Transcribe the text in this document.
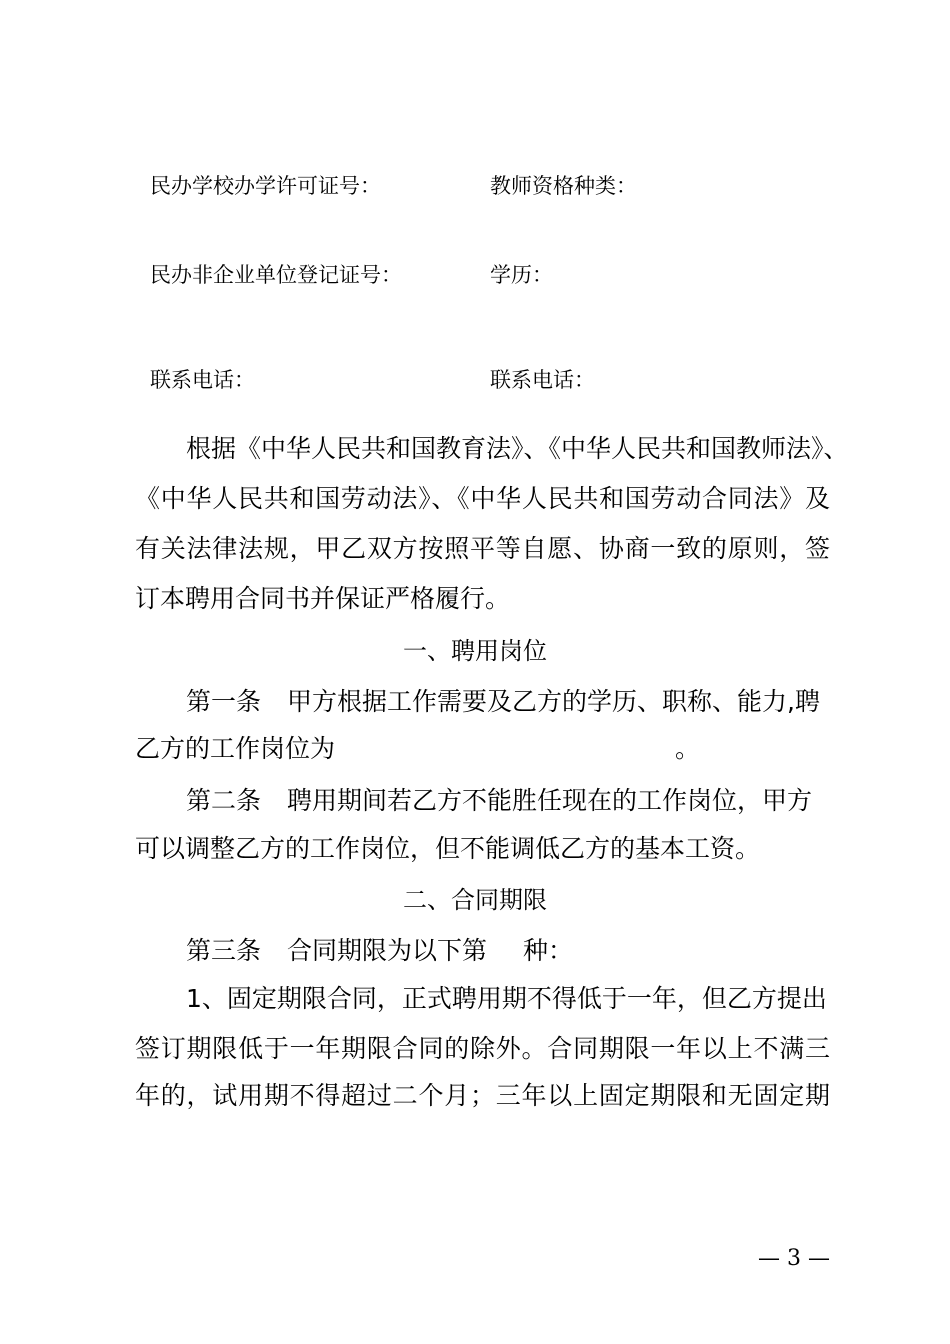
民办学校办学许可证号：	教师资格种类：
民办非企业单位登记证号：	学历：
联系电话：	联系电话：
根据《中华人民共和国教育法》、《中华人民共和国教师法》、
《中华人民共和国劳动法》、《中华人民共和国劳动合同法》及
有关法律法规，甲乙双方按照平等自愿、协商一致的原则，签
订本聘用合同书并保证严格履行。
一、聘用岗位
第一条 甲方根据工作需要及乙方的学历、职称、能力,聘
乙方的工作岗位为	。
第二条 聘用期间若乙方不能胜任现在的工作岗位，甲方
可以调整乙方的工作岗位，但不能调低乙方的基本工资。
二、合同期限
第三条 合同期限为以下第 种：
1、固定期限合同，正式聘用期不得低于一年，但乙方提出
签订期限低于一年期限合同的除外。合同期限一年以上不满三
年的，试用期不得超过二个月；三年以上固定期限和无固定期
— 3 —
